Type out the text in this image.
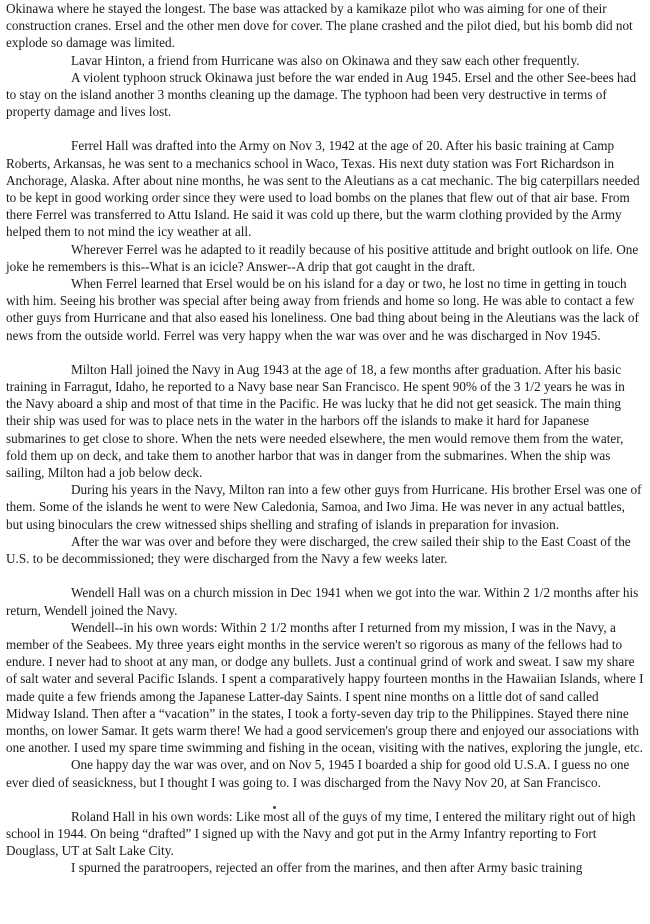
Okinawa where he stayed the longest. The base was attacked by a kamikaze pilot who was aiming for one of their construction cranes. Ersel and the other men dove for cover. The plane crashed and the pilot died, but his bomb did not explode so damage was limited.

Lavar Hinton, a friend from Hurricane was also on Okinawa and they saw each other frequently.

A violent typhoon struck Okinawa just before the war ended in Aug 1945. Ersel and the other See-bees had to stay on the island another 3 months cleaning up the damage. The typhoon had been very destructive in terms of property damage and lives lost.

Ferrel Hall was drafted into the Army on Nov 3, 1942 at the age of 20. After his basic training at Camp Roberts, Arkansas, he was sent to a mechanics school in Waco, Texas. His next duty station was Fort Richardson in Anchorage, Alaska. After about nine months, he was sent to the Aleutians as a cat mechanic. The big caterpillars needed to be kept in good working order since they were used to load bombs on the planes that flew out of that air base. From there Ferrel was transferred to Attu Island. He said it was cold up there, but the warm clothing provided by the Army helped them to not mind the icy weather at all.

Wherever Ferrel was he adapted to it readily because of his positive attitude and bright outlook on life. One joke he remembers is this--What is an icicle? Answer--A drip that got caught in the draft.

When Ferrel learned that Ersel would be on his island for a day or two, he lost no time in getting in touch with him. Seeing his brother was special after being away from friends and home so long. He was able to contact a few other guys from Hurricane and that also eased his loneliness. One bad thing about being in the Aleutians was the lack of news from the outside world. Ferrel was very happy when the war was over and he was discharged in Nov 1945.

Milton Hall joined the Navy in Aug 1943 at the age of 18, a few months after graduation. After his basic training in Farragut, Idaho, he reported to a Navy base near San Francisco. He spent 90% of the 3 1/2 years he was in the Navy aboard a ship and most of that time in the Pacific. He was lucky that he did not get seasick. The main thing their ship was used for was to place nets in the water in the harbors off the islands to make it hard for Japanese submarines to get close to shore. When the nets were needed elsewhere, the men would remove them from the water, fold them up on deck, and take them to another harbor that was in danger from the submarines. When the ship was sailing, Milton had a job below deck.

During his years in the Navy, Milton ran into a few other guys from Hurricane. His brother Ersel was one of them. Some of the islands he went to were New Caledonia, Samoa, and Iwo Jima. He was never in any actual battles, but using binoculars the crew witnessed ships shelling and strafing of islands in preparation for invasion.

After the war was over and before they were discharged, the crew sailed their ship to the East Coast of the U.S. to be decommissioned; they were discharged from the Navy a few weeks later.

Wendell Hall was on a church mission in Dec 1941 when we got into the war. Within 2 1/2 months after his return, Wendell joined the Navy.

Wendell--in his own words: Within 2 1/2 months after I returned from my mission, I was in the Navy, a member of the Seabees. My three years eight months in the service weren't so rigorous as many of the fellows had to endure. I never had to shoot at any man, or dodge any bullets. Just a continual grind of work and sweat. I saw my share of salt water and several Pacific Islands. I spent a comparatively happy fourteen months in the Hawaiian Islands, where I made quite a few friends among the Japanese Latter-day Saints. I spent nine months on a little dot of sand called Midway Island. Then after a “vacation” in the states, I took a forty-seven day trip to the Philippines. Stayed there nine months, on lower Samar. It gets warm there! We had a good servicemen's group there and enjoyed our associations with one another. I used my spare time swimming and fishing in the ocean, visiting with the natives, exploring the jungle, etc.

One happy day the war was over, and on Nov 5, 1945 I boarded a ship for good old U.S.A. I guess no one ever died of seasickness, but I thought I was going to. I was discharged from the Navy Nov 20, at San Francisco.

Roland Hall in his own words: Like most all of the guys of my time, I entered the military right out of high school in 1944. On being “drafted” I signed up with the Navy and got put in the Army Infantry reporting to Fort Douglass, UT at Salt Lake City.

I spurned the paratroopers, rejected an offer from the marines, and then after Army basic training
